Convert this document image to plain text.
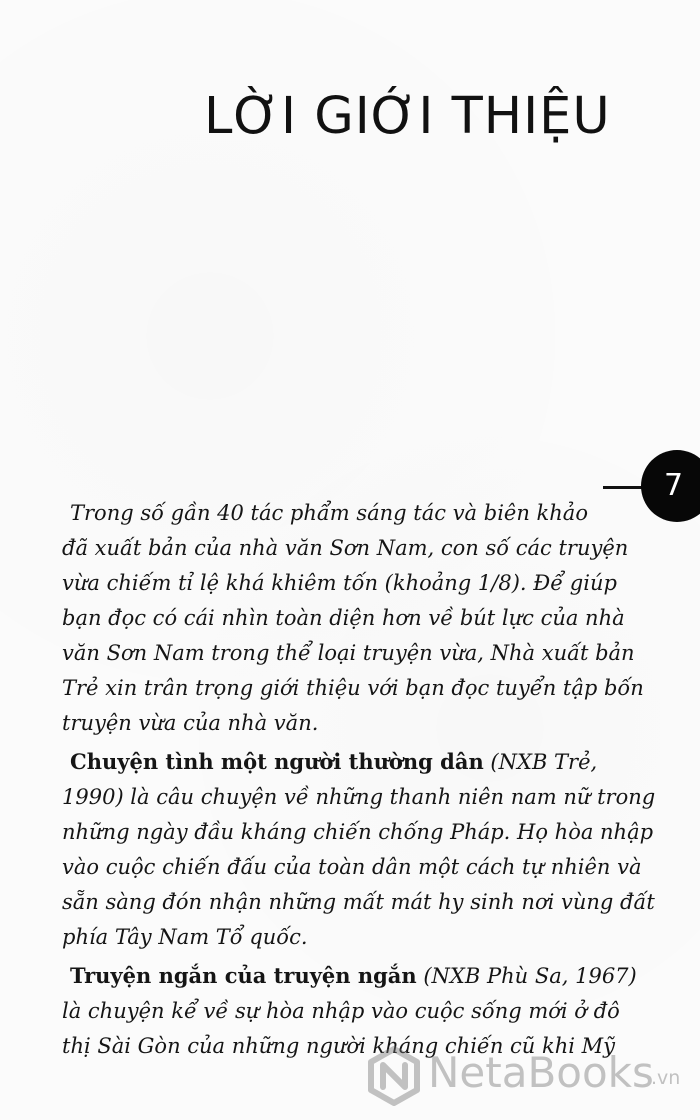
LỜI GIỚI THIỆU
7
Trong số gần 40 tác phẩm sáng tác và biên khảo
đã xuất bản của nhà văn Sơn Nam, con số các truyện
vừa chiếm tỉ lệ khá khiêm tốn (khoảng 1/8). Để giúp
bạn đọc có cái nhìn toàn diện hơn về bút lực của nhà
văn Sơn Nam trong thể loại truyện vừa, Nhà xuất bản
Trẻ xin trân trọng giới thiệu với bạn đọc tuyển tập bốn
truyện vừa của nhà văn.
Chuyện tình một người thường dân (NXB Trẻ,
1990) là câu chuyện về những thanh niên nam nữ trong
những ngày đầu kháng chiến chống Pháp. Họ hòa nhập
vào cuộc chiến đấu của toàn dân một cách tự nhiên và
sẵn sàng đón nhận những mất mát hy sinh nơi vùng đất
phía Tây Nam Tổ quốc.
Truyện ngắn của truyện ngắn (NXB Phù Sa, 1967)
là chuyện kể về sự hòa nhập vào cuộc sống mới ở đô
thị Sài Gòn của những người kháng chiến cũ khi Mỹ
NetaBooks
.vn
